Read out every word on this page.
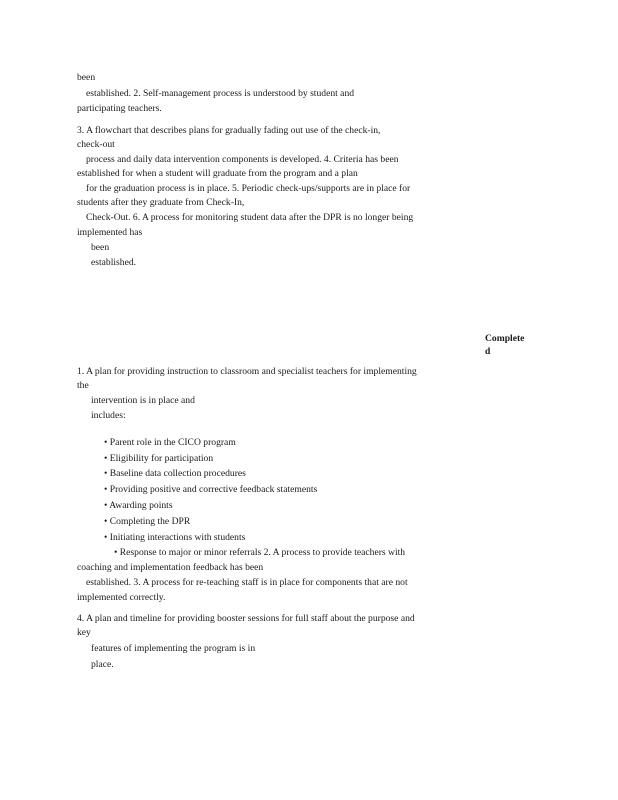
been
established. 2. Self-management process is understood by student and
participating teachers.
3. A flowchart that describes plans for gradually fading out use of the check-in,
check-out
process and daily data intervention components is developed. 4. Criteria has been
established for when a student will graduate from the program and a plan
for the graduation process is in place. 5. Periodic check-ups/supports are in place for
students after they graduate from Check-In,
Check-Out. 6. A process for monitoring student data after the DPR is no longer being
implemented has
been
established.
Complete
d
1. A plan for providing instruction to classroom and specialist teachers for implementing
the
intervention is in place and
includes:
• Parent role in the CICO program
• Eligibility for participation
• Baseline data collection procedures
• Providing positive and corrective feedback statements
• Awarding points
• Completing the DPR
• Initiating interactions with students
• Response to major or minor referrals 2. A process to provide teachers with
coaching and implementation feedback has been
established. 3. A process for re-teaching staff is in place for components that are not
implemented correctly.
4. A plan and timeline for providing booster sessions for full staff about the purpose and
key
features of implementing the program is in
place.
